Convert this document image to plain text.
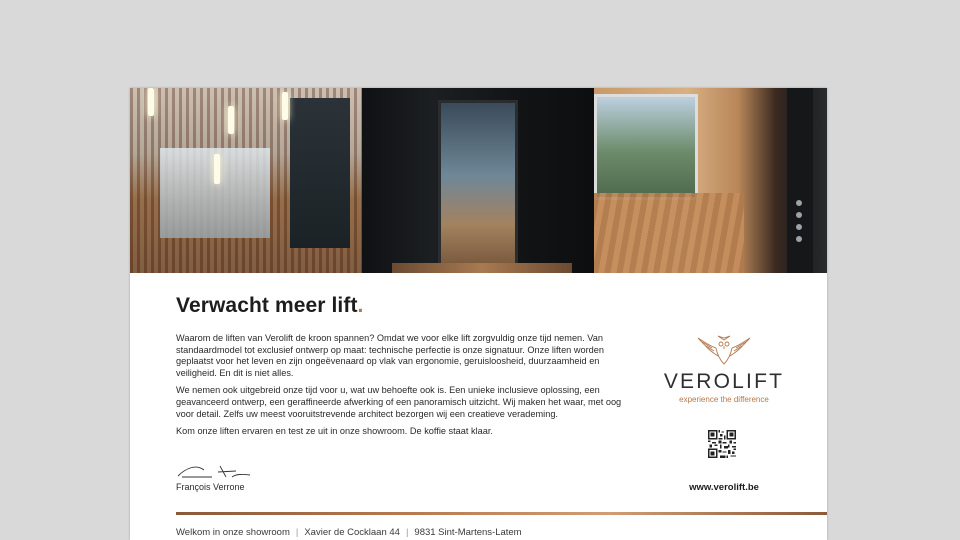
Verwacht meer lift.

Waarom de liften van Verolift de kroon spannen? Omdat we voor elke lift zorgvuldig onze tijd nemen. Van standaardmodel tot exclusief ontwerp op maat: technische perfectie is onze signatuur. Onze liften worden geplaatst voor het leven en zijn ongeëvenaard op vlak van ergonomie, geruisloosheid, duurzaamheid en veiligheid. En dit is niet alles.

We nemen ook uitgebreid onze tijd voor u, wat uw behoefte ook is. Een unieke inclusieve oplossing, een geavanceerd ontwerp, een geraffineerde afwerking of een panoramisch uitzicht. Wij maken het waar, met oog voor detail. Zelfs uw meest vooruitstrevende architect bezorgen wij een creatieve verademing.

Kom onze liften ervaren en test ze uit in onze showroom. De koffie staat klaar.

François Verrone
VEROLIFT
experience the difference
www.verolift.be
Welkom in onze showroom | Xavier de Cocklaan 44 | 9831 Sint-Martens-Latem
